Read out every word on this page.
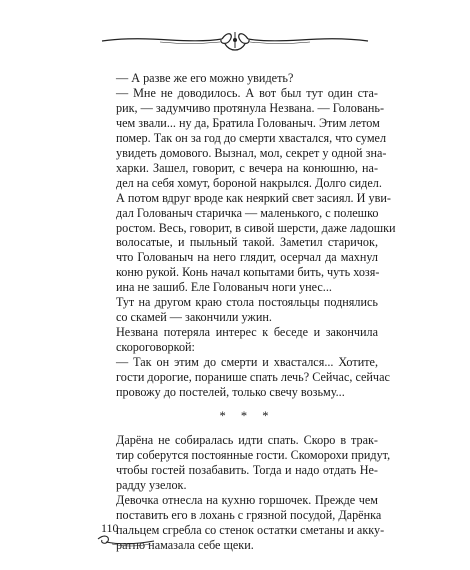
— А разве же его можно увидеть?

— Мне не доводилось. А вот был тут один ста-

рик, — задумчиво протянула Незвана. — Головань-

чем звали... ну да, Братила Голованыч. Этим летом

помер. Так он за год до смерти хвастался, что сумел

увидеть домового. Вызнал, мол, секрет у одной зна-

харки. Зашел, говорит, с вечера на конюшню, на-

дел на себя хомут, бороной накрылся. Долго сидел.

А потом вдруг вроде как неяркий свет засиял. И уви-

дал Голованыч старичка — маленького, с полешко

ростом. Весь, говорит, в сивой шерсти, даже ладошки

волосатые, и пыльный такой. Заметил старичок,

что Голованыч на него глядит, осерчал да махнул

коню рукой. Конь начал копытами бить, чуть хозя-

ина не зашиб. Еле Голованыч ноги унес...

Тут на другом краю стола постояльцы поднялись

со скамей — закончили ужин.

Незвана потеряла интерес к беседе и закончила

скороговоркой:

— Так он этим до смерти и хвастался... Хотите,

гости дорогие, поранише спать лечь? Сейчас, сейчас

провожу до постелей, только свечу возьму...

* * *

Дарёна не собиралась идти спать. Скоро в трак-

тир соберутся постоянные гости. Скоморохи придут,

чтобы гостей позабавить. Тогда и надо отдать Не-

радду узелок.

Девочка отнесла на кухню горшочек. Прежде чем

поставить его в лохань с грязной посудой, Дарёнка

пальцем сгребла со стенок остатки сметаны и акку-

ратно намазала себе щеки.

110
